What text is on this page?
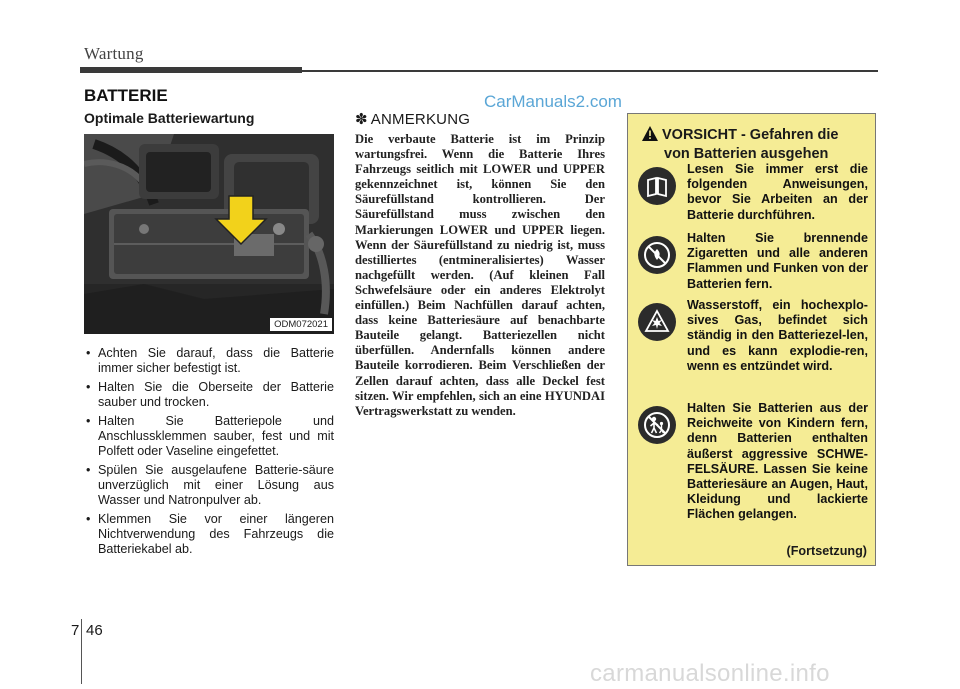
Wartung
BATTERIE	CarManuals2.com
Optimale Batteriewartung
ODM072021
• Achten Sie darauf, dass die Batterie immer sicher befestigt ist.
• Halten Sie die Oberseite der Batterie sauber und trocken.
• Halten Sie Batteriepole und Anschlussklemmen sauber, fest und mit Polfett oder Vaseline eingefettet.
• Spülen Sie ausgelaufene Batterie-säure unverzüglich mit einer Lösung aus Wasser und Natronpulver ab.
• Klemmen Sie vor einer längeren Nichtverwendung des Fahrzeugs die Batteriekabel ab.
✽ ANMERKUNG

Die verbaute Batterie ist im Prinzip wartungsfrei. Wenn die Batterie Ihres Fahrzeugs seitlich mit LOWER und UPPER gekennzeichnet ist, können Sie den Säurefüllstand kontrollieren. Der Säurefüllstand muss zwischen den Markierungen LOWER und UPPER liegen. Wenn der Säurefüllstand zu niedrig ist, muss destilliertes (entmineralisiertes) Wasser nachgefüllt werden. (Auf kleinen Fall Schwefelsäure oder ein anderes Elektrolyt einfüllen.) Beim Nachfüllen darauf achten, dass keine Batteriesäure auf benachbarte Bauteile gelangt. Batteriezellen nicht überfüllen. Andernfalls können andere Bauteile korrodieren. Beim Verschließen der Zellen darauf achten, dass alle Deckel fest sitzen. Wir empfehlen, sich an eine HYUNDAI Vertragswerkstatt zu wenden.

VORSICHT - Gefahren die
von Batterien ausgehen
Lesen Sie immer erst die folgenden Anweisungen, bevor Sie Arbeiten an der Batterie durchführen.
Halten Sie brennende Zigaretten und alle anderen Flammen und Funken von der Batterien fern.
Wasserstoff, ein hochexplo-sives Gas, befindet sich ständig in den Batteriezel-len, und es kann explodie-ren, wenn es entzündet wird.
Halten Sie Batterien aus der Reichweite von Kindern fern, denn Batterien enthalten äußerst aggressive SCHWE-FELSÄURE. Lassen Sie keine Batteriesäure an Augen, Haut, Kleidung und lackierte Flächen gelangen.
(Fortsetzung)
7 46
carmanualsonline.info
